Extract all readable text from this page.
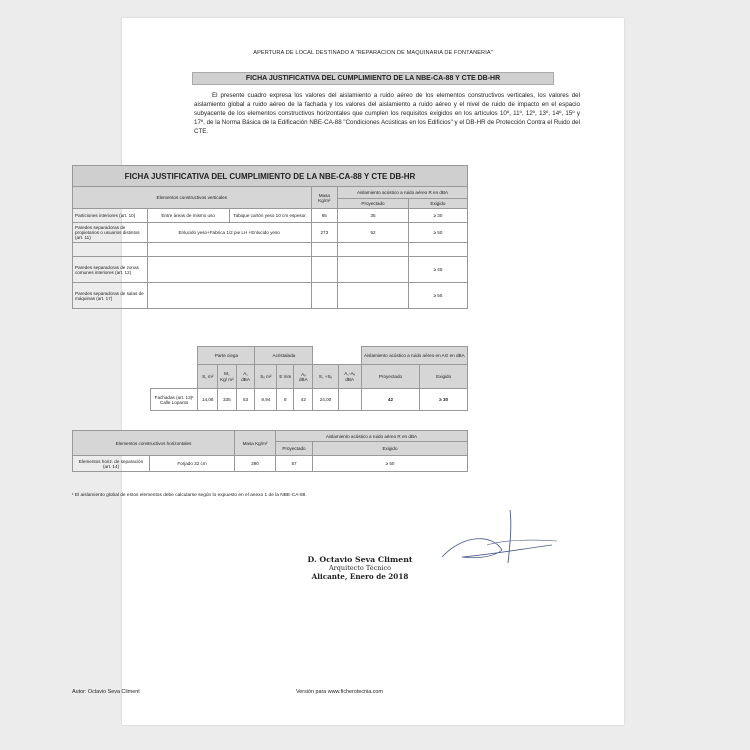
APERTURA DE LOCAL DESTINADO A "REPARACION DE MAQUINARIA DE FONTANERIA"
FICHA JUSTIFICATIVA DEL CUMPLIMIENTO DE LA NBE-CA-88 Y CTE DB-HR
El presente cuadro expresa los valores del aislamiento a ruido aéreo de los elementos constructivos verticales, los valores del aislamiento global a ruido aéreo de la fachada y los valores del aislamiento a ruido aéreo y el nivel de ruido de impacto en el espacio subyacente de los elementos constructivos horizontales que cumplen los requisitos exigidos en los artículos 10º, 11º, 12º, 13º, 14º, 15º y 17º, de la Norma Básica de la Edificación NBE-CA-88 "Condiciones Acústicas en los Edificios" y el DB-HR de Protección Contra el Ruido del CTE.
FICHA JUSTIFICATIVA DEL CUMPLIMIENTO DE LA NBE-CA-88 Y CTE DB-HR					
Elementos constructivos verticales			Masa
Kg/m²	Aislamiento acústico a ruido aéreo R en dBA	
				Proyectado	Exigido
Particiones interiores (art. 10)	Entre áreas de mismo uso	Tabique cartón yeso 10 cm espesor.	65	35	≥ 30
Paredes separadoras de propietarios o usuarios distintos (art. 11)	Enlucido yeso+Fabrica 1/2 pie LH +Enlucido yeso		273	52	≥ 50

Paredes separadoras de zonas comunes interiores (art. 12)					≥ 45
Paredes separadoras de salas de máquinas (art. 17)					≥ 55
	Parte ciega			Acristalada					Aislamiento acústico a ruido aéreo en AG en dBA	
	S꜀ m²	M꜀ Kg/ m²	A꜀ dBA	Sᵥ m²	E mm	Aᵥ dBA	S꜀ +Sᵥ	A꜀-Aᵥ dBA	Proyectado	Exigido
Fachadas (art. 13)¹ Calle Lopanto	14,06	335	53	9,94	8	42	24,00		42	≥ 30
Elementos constructivos horizontales		Masa Kg/m²	Aislamiento acústico a ruido aéreo R en dBA	
			Proyectado	Exigido
Elementos horiz. de separación (art. 14)	Forjado 32 cm	390	57	≥ 50
¹ El aislamiento global de estos elementos debe calcularse según lo expuesto en el anexo 1 de la NBE-CA-88.
D. Octavio Seva Climent
Arquitecto Técnico
Alicante, Enero de 2018
Autor: Octavio Seva Climent	Versión para www.ficherotecnia.com
